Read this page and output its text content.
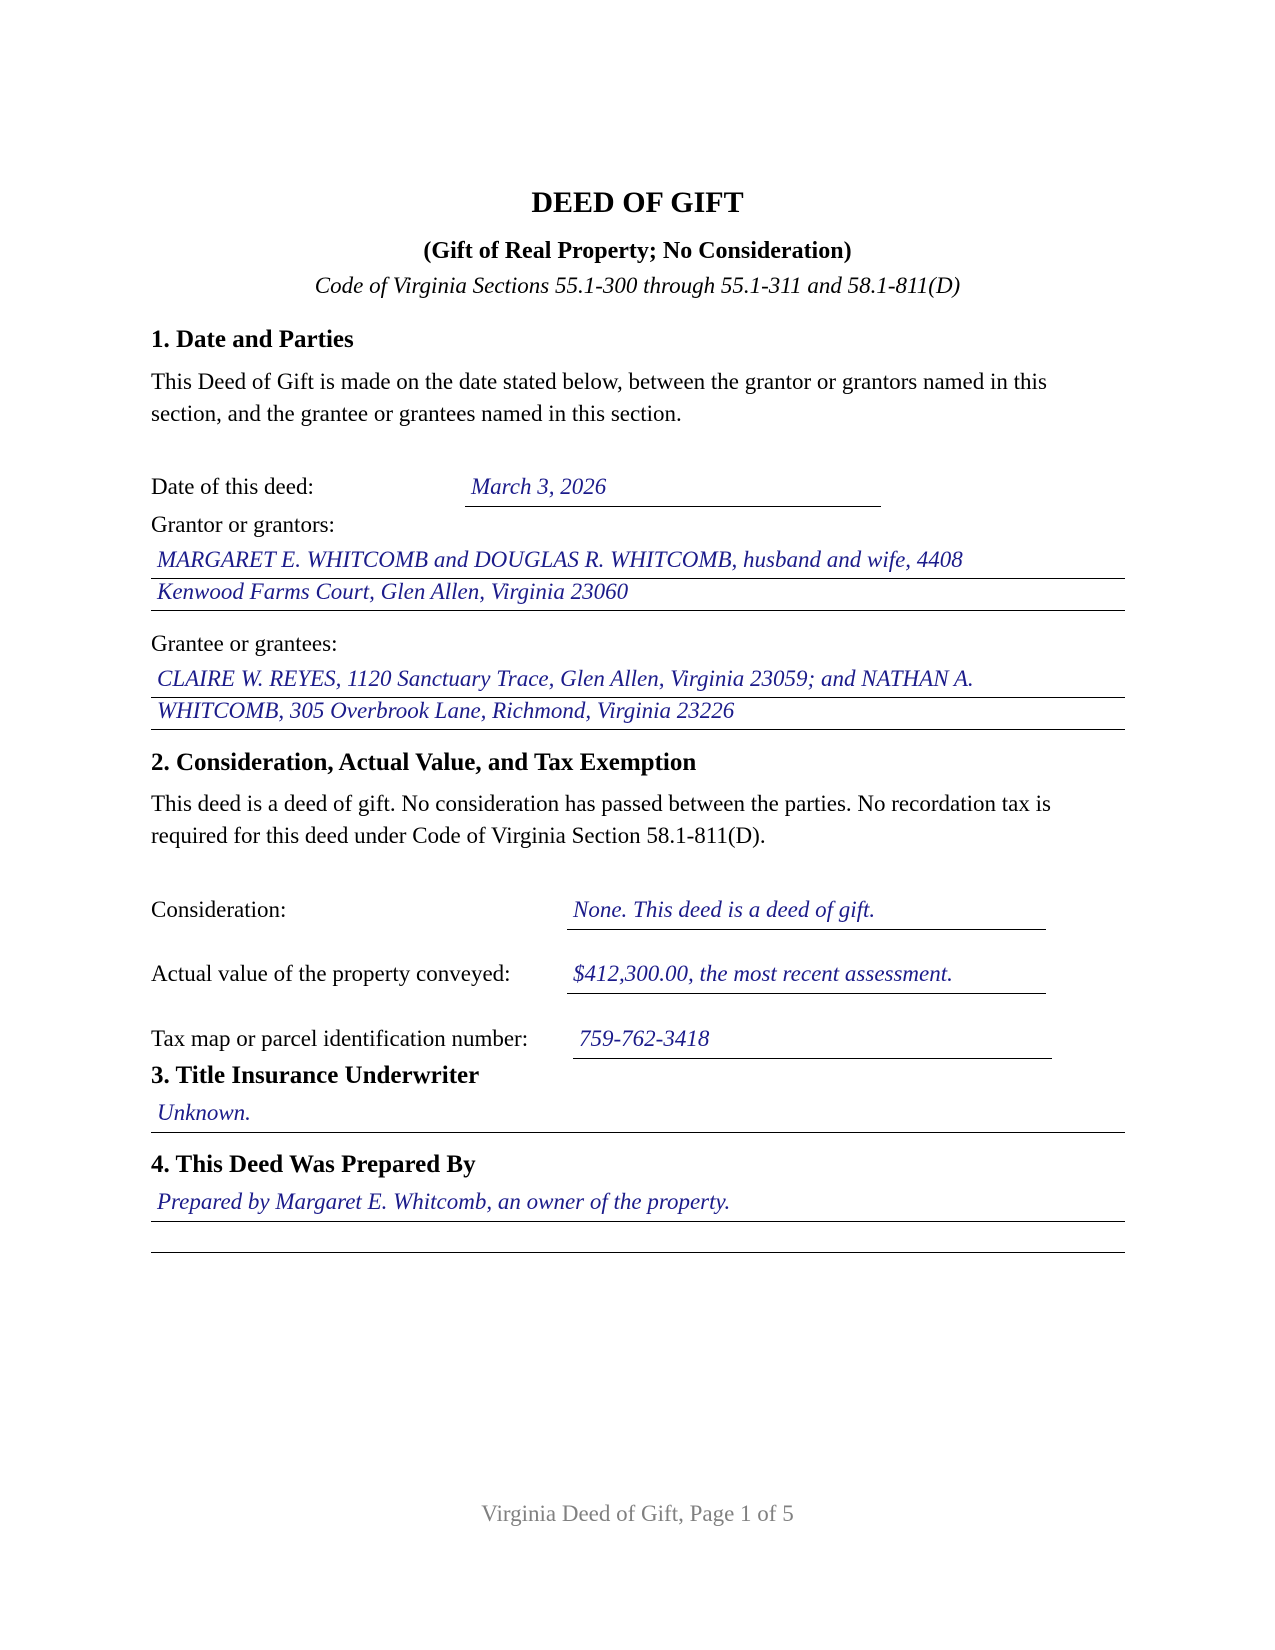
DEED OF GIFT
(Gift of Real Property; No Consideration)
Code of Virginia Sections 55.1-300 through 55.1-311 and 58.1-811(D)
1. Date and Parties
This Deed of Gift is made on the date stated below, between the grantor or grantors named in this section, and the grantee or grantees named in this section.
Date of this deed:	March 3, 2026
Grantor or grantors:
MARGARET E. WHITCOMB and DOUGLAS R. WHITCOMB, husband and wife, 4408
Kenwood Farms Court, Glen Allen, Virginia 23060
Grantee or grantees:
CLAIRE W. REYES, 1120 Sanctuary Trace, Glen Allen, Virginia 23059; and NATHAN A.
WHITCOMB, 305 Overbrook Lane, Richmond, Virginia 23226
2. Consideration, Actual Value, and Tax Exemption
This deed is a deed of gift. No consideration has passed between the parties. No recordation tax is required for this deed under Code of Virginia Section 58.1-811(D).
Consideration:	None. This deed is a deed of gift.
Actual value of the property conveyed:	$412,300.00, the most recent assessment.
Tax map or parcel identification number: 759-762-3418
3. Title Insurance Underwriter
Unknown.
4. This Deed Was Prepared By
Prepared by Margaret E. Whitcomb, an owner of the property.
Virginia Deed of Gift, Page 1 of 5
